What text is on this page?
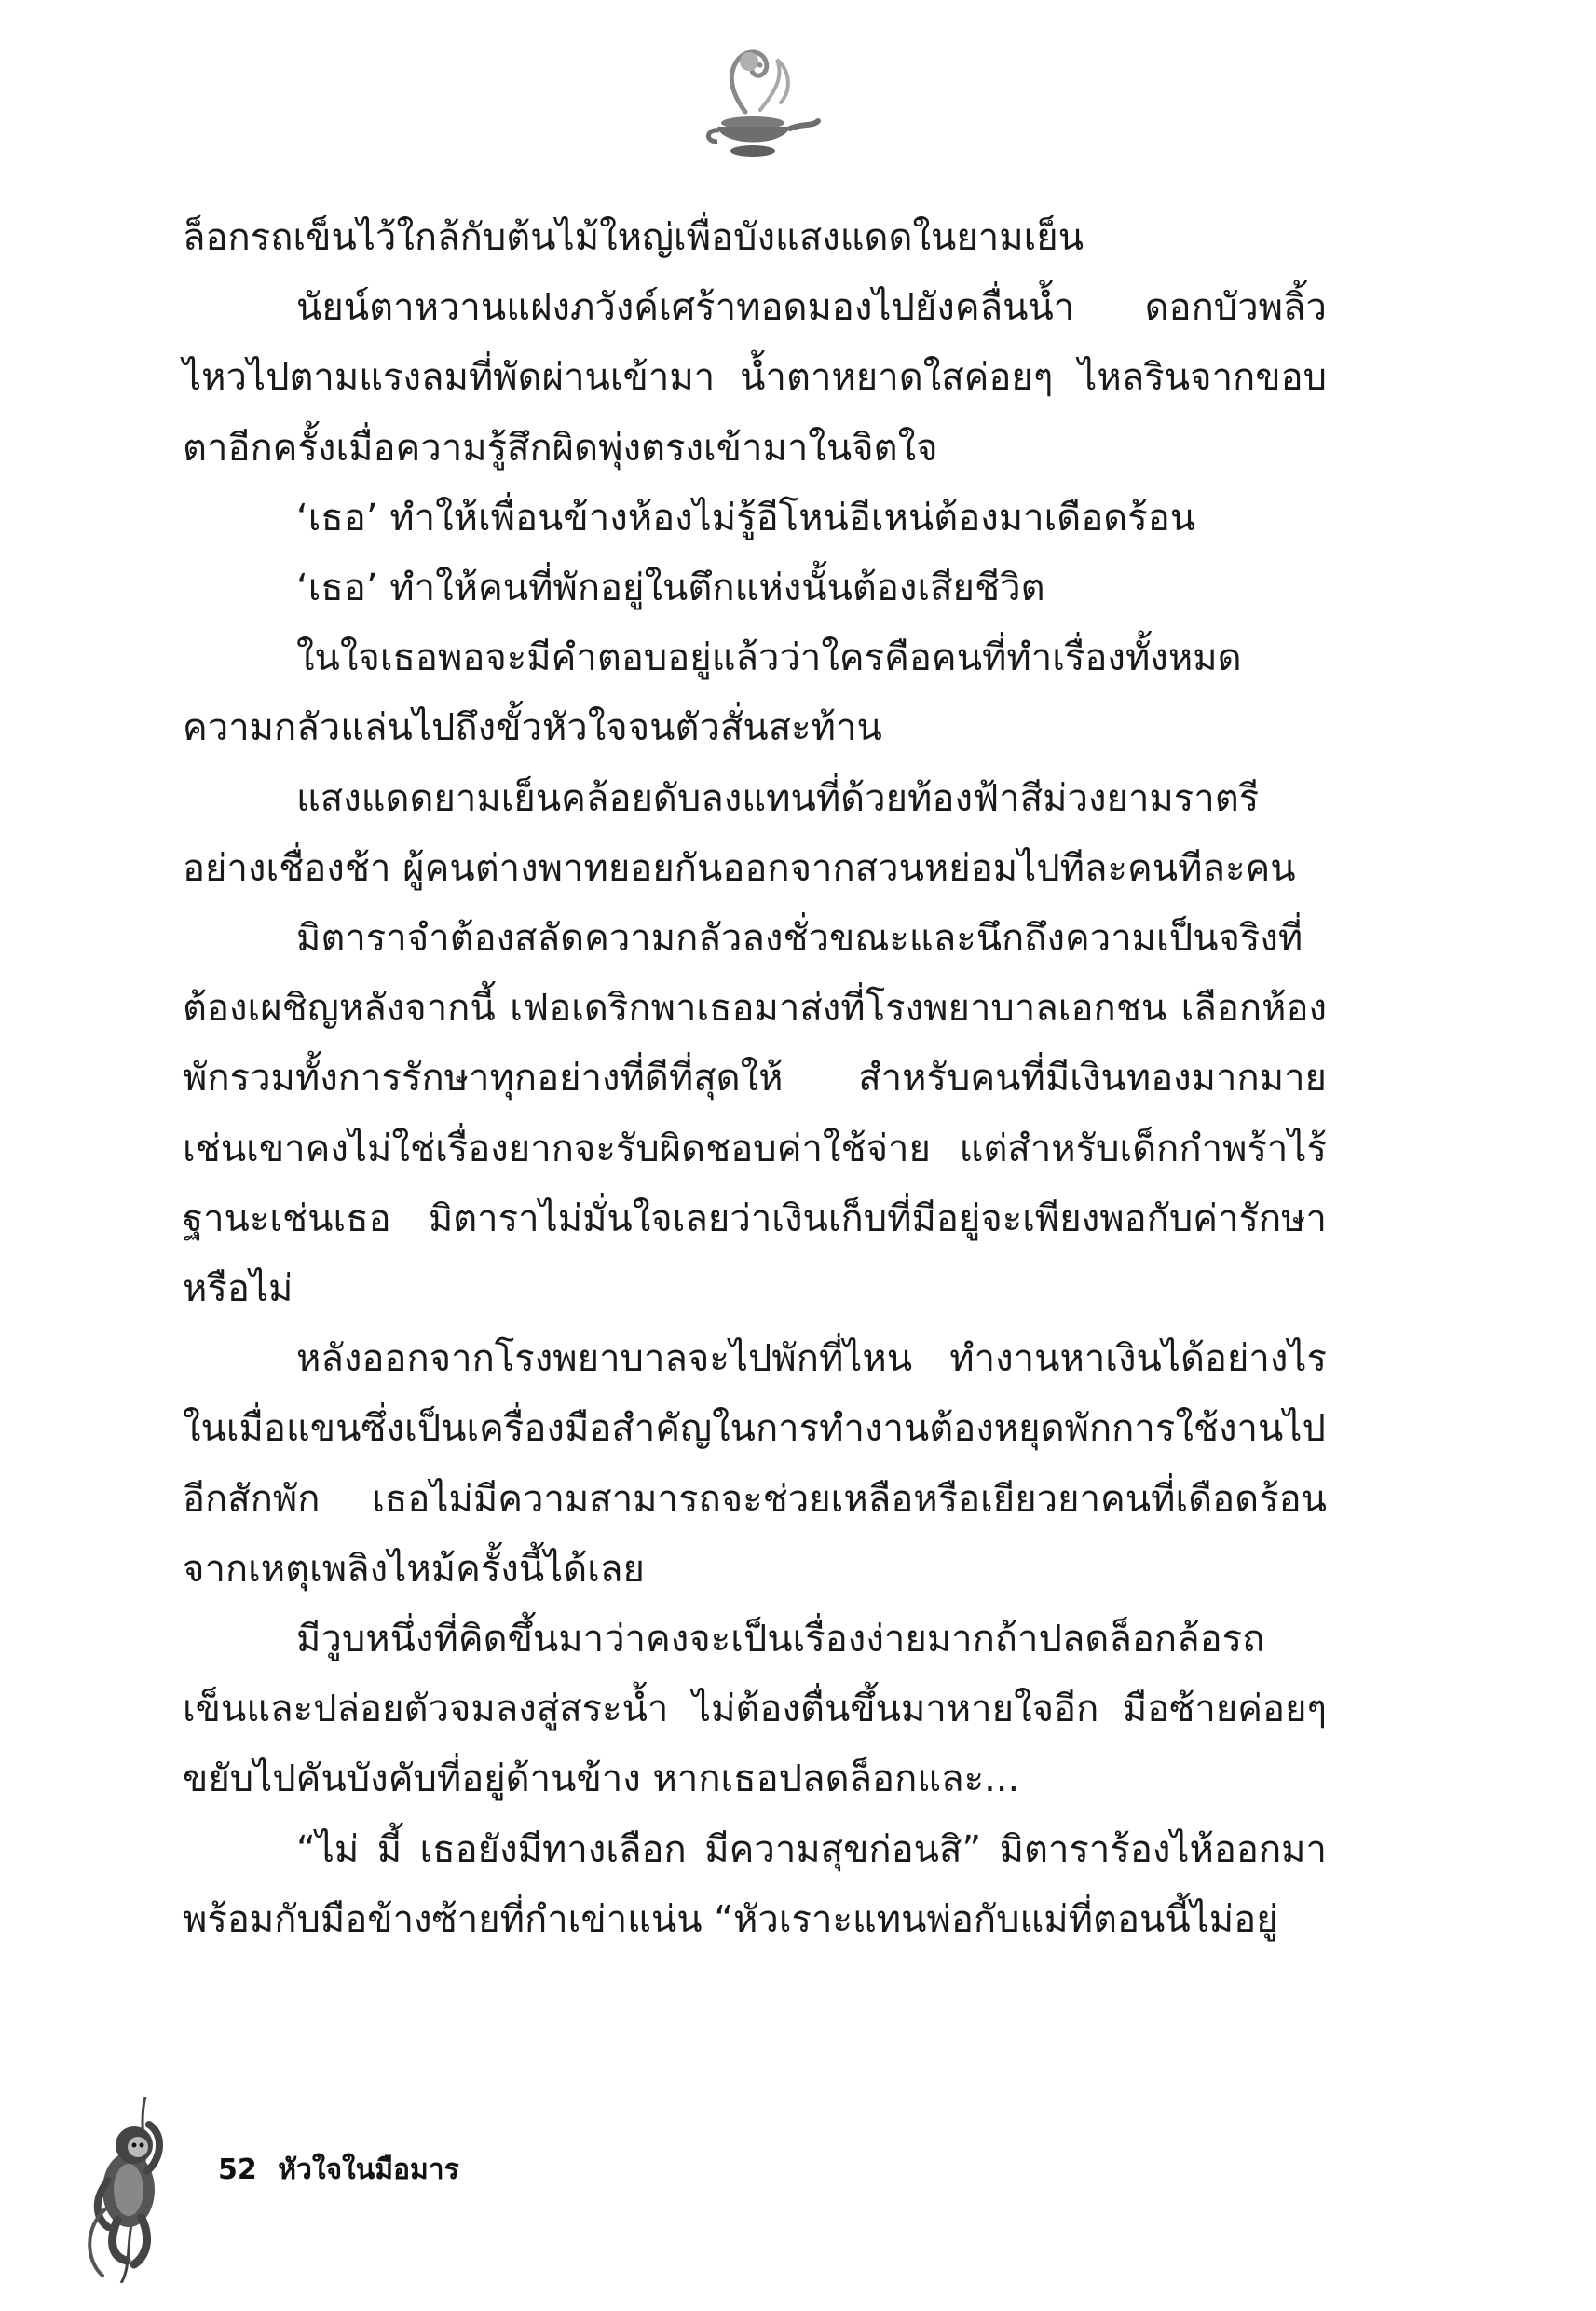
ล็อกรถเข็นไว้ใกล้กับต้นไม้ใหญ่เพื่อบังแสงแดดในยามเย็น

นัยน์ตาหวานแฝงภวังค์เศร้าทอดมองไปยังคลื่นน้ำ ดอกบัวพลิ้วไหวไปตามแรงลมที่พัดผ่านเข้ามา น้ำตาหยาดใสค่อยๆ ไหลรินจากขอบตาอีกครั้งเมื่อความรู้สึกผิดพุ่งตรงเข้ามาในจิตใจ

‘เธอ’ ทำให้เพื่อนข้างห้องไม่รู้อีโหน่อีเหน่ต้องมาเดือดร้อน

‘เธอ’ ทำให้คนที่พักอยู่ในตึกแห่งนั้นต้องเสียชีวิต

ในใจเธอพอจะมีคำตอบอยู่แล้วว่าใครคือคนที่ทำเรื่องทั้งหมดความกลัวแล่นไปถึงขั้วหัวใจจนตัวสั่นสะท้าน

แสงแดดยามเย็นคล้อยดับลงแทนที่ด้วยท้องฟ้าสีม่วงยามราตรีอย่างเชื่องช้า ผู้คนต่างพาทยอยกันออกจากสวนหย่อมไปทีละคนทีละคน

มิตาราจำต้องสลัดความกลัวลงชั่วขณะและนึกถึงความเป็นจริงที่ต้องเผชิญหลังจากนี้ เฟอเดริกพาเธอมาส่งที่โรงพยาบาลเอกชน เลือกห้องพักรวมทั้งการรักษาทุกอย่างที่ดีที่สุดให้ สำหรับคนที่มีเงินทองมากมายเช่นเขาคงไม่ใช่เรื่องยากจะรับผิดชอบค่าใช้จ่าย แต่สำหรับเด็กกำพร้าไร้ฐานะเช่นเธอ มิตาราไม่มั่นใจเลยว่าเงินเก็บที่มีอยู่จะเพียงพอกับค่ารักษาหรือไม่

หลังออกจากโรงพยาบาลจะไปพักที่ไหน ทำงานหาเงินได้อย่างไรในเมื่อแขนซึ่งเป็นเครื่องมือสำคัญในการทำงานต้องหยุดพักการใช้งานไปอีกสักพัก เธอไม่มีความสามารถจะช่วยเหลือหรือเยียวยาคนที่เดือดร้อนจากเหตุเพลิงไหม้ครั้งนี้ได้เลย

มีวูบหนึ่งที่คิดขึ้นมาว่าคงจะเป็นเรื่องง่ายมากถ้าปลดล็อกล้อรถเข็นและปล่อยตัวจมลงสู่สระน้ำ ไม่ต้องตื่นขึ้นมาหายใจอีก มือซ้ายค่อยๆ ขยับไปคันบังคับที่อยู่ด้านข้าง หากเธอปลดล็อกและ...

“ไม่ มี้ เธอยังมีทางเลือก มีความสุขก่อนสิ” มิตาราร้องไห้ออกมาพร้อมกับมือข้างซ้ายที่กำเข่าแน่น “หัวเราะแทนพ่อกับแม่ที่ตอนนี้ไม่อยู่

52 หัวใจในมือมาร
